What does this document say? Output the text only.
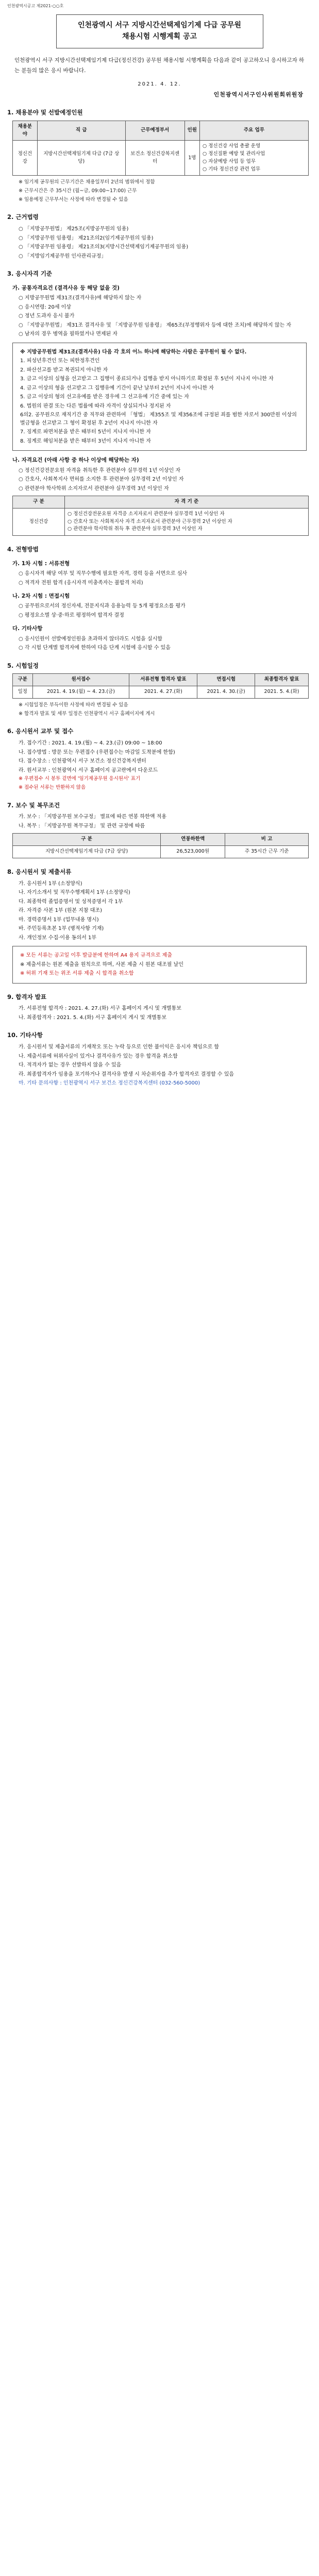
인천광역시공고 제2021-○○호
인천광역시 서구 지방시간선택제임기제 다급 공무원
채용시험 시행계획 공고
인천광역시 서구 지방시간선택제임기제 다급(정신건강) 공무원 채용시험 시행계획을 다음과 같이 공고하오니 응시하고자 하는 분들의 많은 응시 바랍니다.
2021. 4. 12.
인천광역시서구인사위원회위원장
1. 채용분야 및 선발예정인원
채용분야	직 급	근무예정부서	인원	주요 업무
정신건강	지방시간선택제임기제 다급 (7급 상당)	보건소 정신건강복지센터	1명	○ 정신건강 사업 총괄 운영
○ 정신질환 예방 및 관리사업
○ 자살예방 사업 등 업무
○ 기타 정신건강 관련 업무
※ 임기제 공무원의 근무기간은 채용일부터 2년의 범위에서 정함
※ 근무시간은 주 35시간 (월~금, 09:00~17:00) 근무
※ 임용예정 근무부서는 사정에 따라 변경될 수 있음
2. 근거법령
○ 「지방공무원법」 제25조(지방공무원의 임용)
○ 「지방공무원 임용령」 제21조의2(임기제공무원의 임용)
○ 「지방공무원 임용령」 제21조의3(지방시간선택제임기제공무원의 임용)
○ 「지방임기제공무원 인사관리규정」
3. 응시자격 기준
가. 공통자격요건 (결격사유 등 해당 없을 것)
○ 지방공무원법 제31조(결격사유)에 해당하지 않는 자
○ 응시연령: 20세 이상
○ 정년 도과자 응시 불가
○ 「지방공무원법」 제31조 결격사유 및 「지방공무원 임용령」 제65조(부정행위자 등에 대한 조치)에 해당하지 않는 자
○ 남자의 경우 병역을 필하였거나 면제된 자
※ 지방공무원법 제31조(결격사유) 다음 각 호의 어느 하나에 해당하는 사람은 공무원이 될 수 없다.
1. 피성년후견인 또는 피한정후견인
2. 파산선고를 받고 복권되지 아니한 자
3. 금고 이상의 실형을 선고받고 그 집행이 종료되거나 집행을 받지 아니하기로 확정된 후 5년이 지나지 아니한 자
4. 금고 이상의 형을 선고받고 그 집행유예 기간이 끝난 날부터 2년이 지나지 아니한 자
5. 금고 이상의 형의 선고유예를 받은 경우에 그 선고유예 기간 중에 있는 자
6. 법원의 판결 또는 다른 법률에 따라 자격이 상실되거나 정지된 자
6의2. 공무원으로 재직기간 중 직무와 관련하여 「형법」 제355조 및 제356조에 규정된 죄를 범한 자로서 300만원 이상의 벌금형을 선고받고 그 형이 확정된 후 2년이 지나지 아니한 자
7. 징계로 파면처분을 받은 때부터 5년이 지나지 아니한 자
8. 징계로 해임처분을 받은 때부터 3년이 지나지 아니한 자
나. 자격요건 (아래 사항 중 하나 이상에 해당하는 자)
○ 정신건강전문요원 자격을 취득한 후 관련분야 실무경력 1년 이상인 자
○ 간호사, 사회복지사 면허를 소지한 후 관련분야 실무경력 2년 이상인 자
○ 관련분야 학사학위 소지자로서 관련분야 실무경력 3년 이상인 자
구 분	자 격 기 준
정신건강	○ 정신건강전문요원 자격증 소지자로서 관련분야 실무경력 1년 이상인 자
○ 간호사 또는 사회복지사 자격 소지자로서 관련분야 근무경력 2년 이상인 자
○ 관련분야 학사학위 취득 후 관련분야 실무경력 3년 이상인 자
4. 전형방법
가. 1차 시험 : 서류전형
○ 응시자격 해당 여부 및 직무수행에 필요한 자격, 경력 등을 서면으로 심사
○ 적격자 전원 합격 (응시자격 미충족자는 불합격 처리)
나. 2차 시험 : 면접시험
○ 공무원으로서의 정신자세, 전문지식과 응용능력 등 5개 평정요소를 평가
○ 평정요소별 상·중·하로 평정하여 합격자 결정
다. 기타사항
○ 응시인원이 선발예정인원을 초과하지 않더라도 시험을 실시함
○ 각 시험 단계별 합격자에 한하여 다음 단계 시험에 응시할 수 있음
5. 시험일정
구분	원서접수	서류전형 합격자 발표	면접시험	최종합격자 발표
일정	2021. 4. 19.(월) ~ 4. 23.(금)	2021. 4. 27.(화)	2021. 4. 30.(금)	2021. 5. 4.(화)
※ 시험일정은 부득이한 사정에 따라 변경될 수 있음
※ 합격자 발표 및 세부 일정은 인천광역시 서구 홈페이지에 게시
6. 응시원서 교부 및 접수
가. 접수기간 : 2021. 4. 19.(월) ~ 4. 23.(금) 09:00 ~ 18:00
나. 접수방법 : 방문 또는 우편접수 (우편접수는 마감일 도착분에 한함)
다. 접수장소 : 인천광역시 서구 보건소 정신건강복지센터
라. 원서교부 : 인천광역시 서구 홈페이지 공고란에서 다운로드
※ 우편접수 시 봉투 겉면에 '임기제공무원 응시원서' 표기
※ 접수된 서류는 반환하지 않음
7. 보수 및 복무조건
가. 보수 : 「지방공무원 보수규정」 별표에 따른 연봉 하한액 적용
나. 복무 : 「지방공무원 복무규정」 및 관련 규정에 따름
구 분	연봉하한액	비 고
지방시간선택제임기제 다급 (7급 상당)	26,523,000원	주 35시간 근무 기준
8. 응시원서 및 제출서류
가. 응시원서 1부 (소정양식)
나. 자기소개서 및 직무수행계획서 1부 (소정양식)
다. 최종학력 졸업증명서 및 성적증명서 각 1부
라. 자격증 사본 1부 (원본 지참 대조)
마. 경력증명서 1부 (업무내용 명시)
바. 주민등록초본 1부 (병적사항 기재)
사. 개인정보 수집·이용 동의서 1부
※ 모든 서류는 공고일 이후 발급분에 한하며 A4 용지 규격으로 제출
※ 제출서류는 원본 제출을 원칙으로 하며, 사본 제출 시 원본 대조필 날인
※ 허위 기재 또는 위조 서류 제출 시 합격을 취소함
9. 합격자 발표
가. 서류전형 합격자 : 2021. 4. 27.(화) 서구 홈페이지 게시 및 개별통보
나. 최종합격자 : 2021. 5. 4.(화) 서구 홈페이지 게시 및 개별통보
10. 기타사항
가. 응시원서 및 제출서류의 기재착오 또는 누락 등으로 인한 불이익은 응시자 책임으로 함
나. 제출서류에 허위사실이 있거나 결격사유가 있는 경우 합격을 취소함
다. 적격자가 없는 경우 선발하지 않을 수 있음
라. 최종합격자가 임용을 포기하거나 결격사유 발생 시 차순위자를 추가 합격자로 결정할 수 있음
마. 기타 문의사항 : 인천광역시 서구 보건소 정신건강복지센터 (032-560-5000)
